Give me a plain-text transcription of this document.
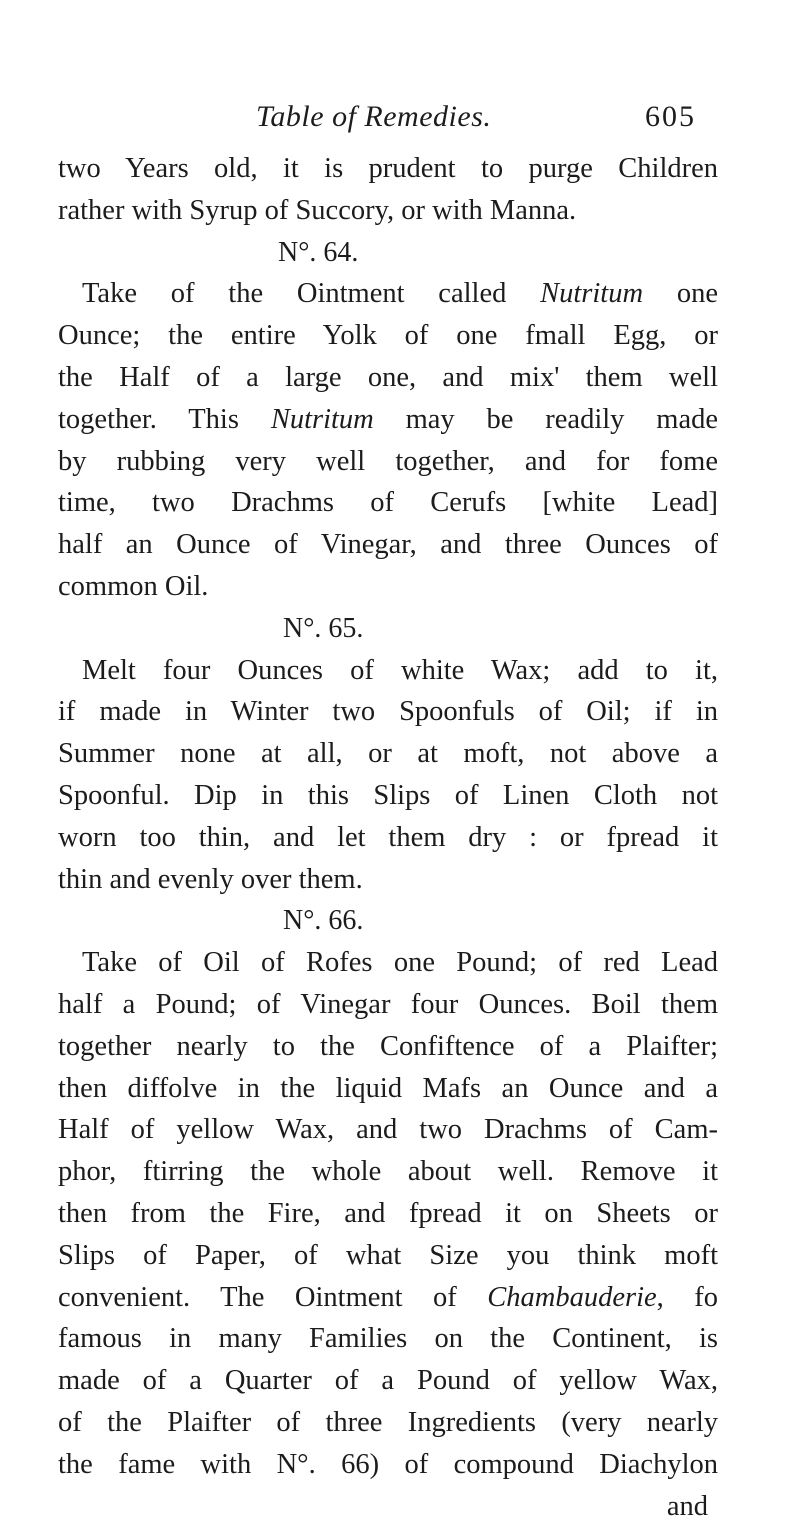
Table of Remedies.	605
two Years old, it is prudent to purge Children
rather with Syrup of Succory, or with Manna.
N°. 64.
Take of the Ointment called Nutritum one
Ounce; the entire Yolk of one fmall Egg, or
the Half of a large one, and mix' them well
together. This Nutritum may be readily made
by rubbing very well together, and for fome
time, two Drachms of Cerufs [white Lead]
half an Ounce of Vinegar, and three Ounces of
common Oil.
N°. 65.
Melt four Ounces of white Wax; add to it,
if made in Winter two Spoonfuls of Oil; if in
Summer none at all, or at moft, not above a
Spoonful. Dip in this Slips of Linen Cloth not
worn too thin, and let them dry : or fpread it
thin and evenly over them.
N°. 66.
Take of Oil of Rofes one Pound; of red Lead
half a Pound; of Vinegar four Ounces. Boil them
together nearly to the Confiftence of a Plaifter;
then diffolve in the liquid Mafs an Ounce and a
Half of yellow Wax, and two Drachms of Cam-
phor, ftirring the whole about well. Remove it
then from the Fire, and fpread it on Sheets or
Slips of Paper, of what Size you think moft
convenient. The Ointment of Chambauderie, fo
famous in many Families on the Continent, is
made of a Quarter of a Pound of yellow Wax,
of the Plaifter of three Ingredients (very nearly
the fame with N°. 66) of compound Diachylon
and
